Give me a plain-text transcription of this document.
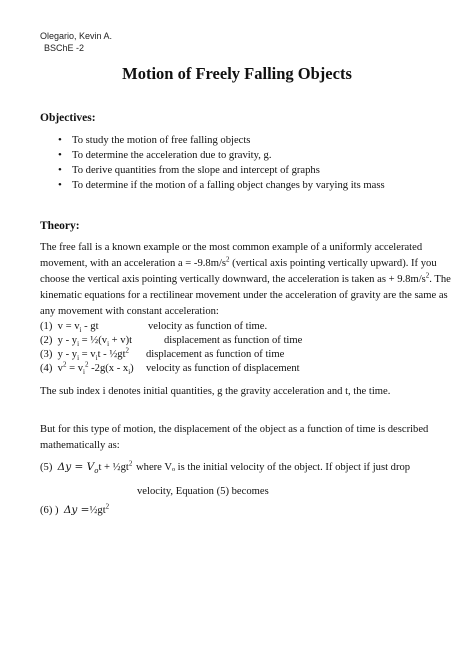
Olegario, Kevin A.
BSChE -2
Motion of Freely Falling Objects
Objectives:
• To study the motion of free falling objects
• To determine the acceleration due to gravity, g.
• To derive quantities from the slope and intercept of graphs
• To determine if the motion of a falling object changes by varying its mass
Theory:
The free fall is a known example or the most common example of a uniformly accelerated
movement, with an acceleration $a = -9.8m/s^2$ (vertical axis pointing vertically upward). If you
choose the vertical axis pointing vertically downward, the acceleration is taken as + $9.8m/s^2$. The
kinematic equations for a rectilinear movement under the acceleration of gravity are the same as
any movement with constant acceleration:
(1)  $v = v_i$ - gt	velocity as function of time.
(2)  y - $y_i$ = $\frac{1}{2}(v_i + v)t$	displacement as function of time
(3)  $y - y_i = v_it$ - $\frac{1}{2}gt^2$ displacement as function of time
(4)  $v^2 = v_i^2$ $-2g(x - x_i)$ velocity as function of displacement
The sub index i denotes initial quantities, g the gravity acceleration and t, the time.
But for this type of motion, the displacement of the object as a function of time is described
mathematically as:
(5) $\Delta y = V_ot$ + $\frac{1}{2}gt^2$ where Vₒ is the initial velocity of the object. If object if just drop
velocity, Equation (5) becomes
(6) ) $\Delta y =\frac{1}{2}gt^2$
